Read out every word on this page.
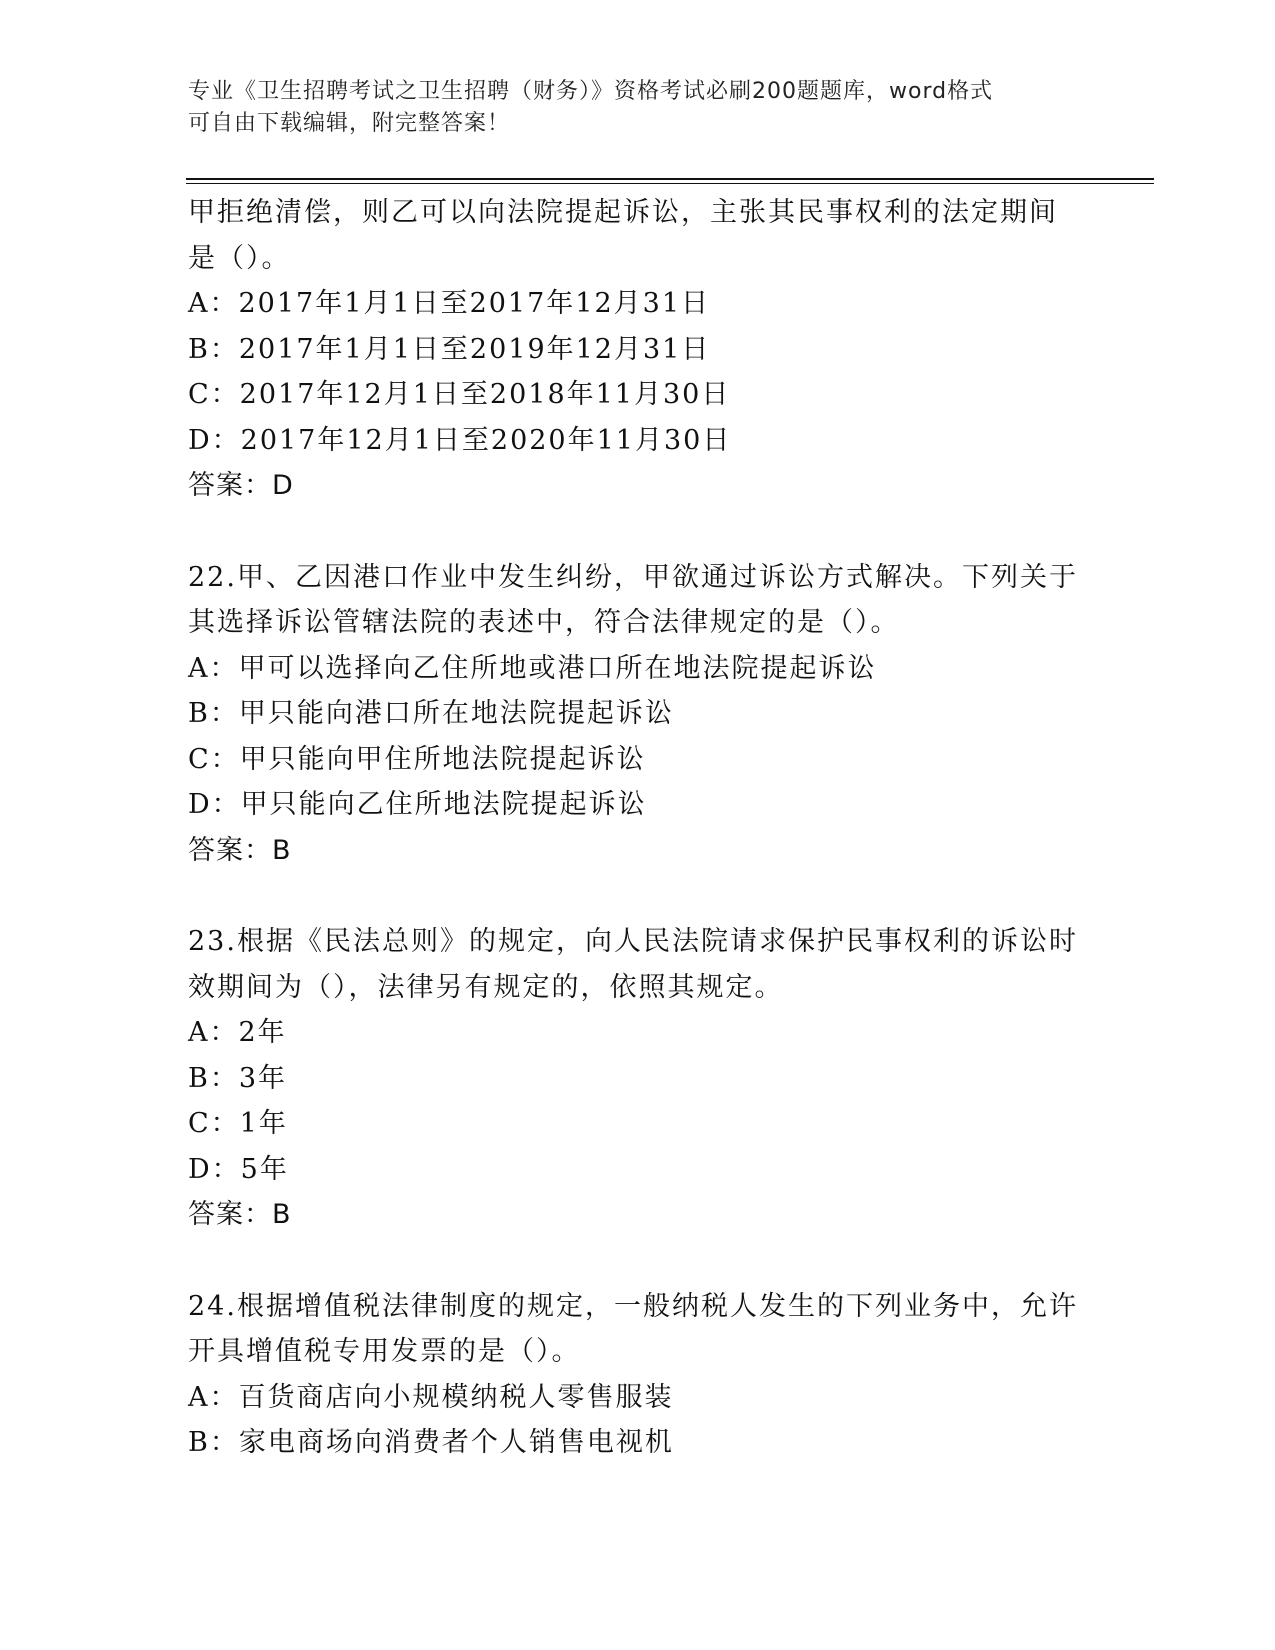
专业《卫生招聘考试之卫生招聘（财务）》资格考试必刷200题题库，word格式
可自由下载编辑，附完整答案！
甲拒绝清偿，则乙可以向法院提起诉讼，主张其民事权利的法定期间
是（）。
A：2017年1月1日至2017年12月31日
B：2017年1月1日至2019年12月31日
C：2017年12月1日至2018年11月30日
D：2017年12月1日至2020年11月30日
答案：D
22.甲、乙因港口作业中发生纠纷，甲欲通过诉讼方式解决。下列关于
其选择诉讼管辖法院的表述中，符合法律规定的是（）。
A：甲可以选择向乙住所地或港口所在地法院提起诉讼
B：甲只能向港口所在地法院提起诉讼
C：甲只能向甲住所地法院提起诉讼
D：甲只能向乙住所地法院提起诉讼
答案：B
23.根据《民法总则》的规定，向人民法院请求保护民事权利的诉讼时
效期间为（），法律另有规定的，依照其规定。
A：2年
B：3年
C：1年
D：5年
答案：B
24.根据增值税法律制度的规定，一般纳税人发生的下列业务中，允许
开具增值税专用发票的是（）。
A：百货商店向小规模纳税人零售服装
B：家电商场向消费者个人销售电视机
